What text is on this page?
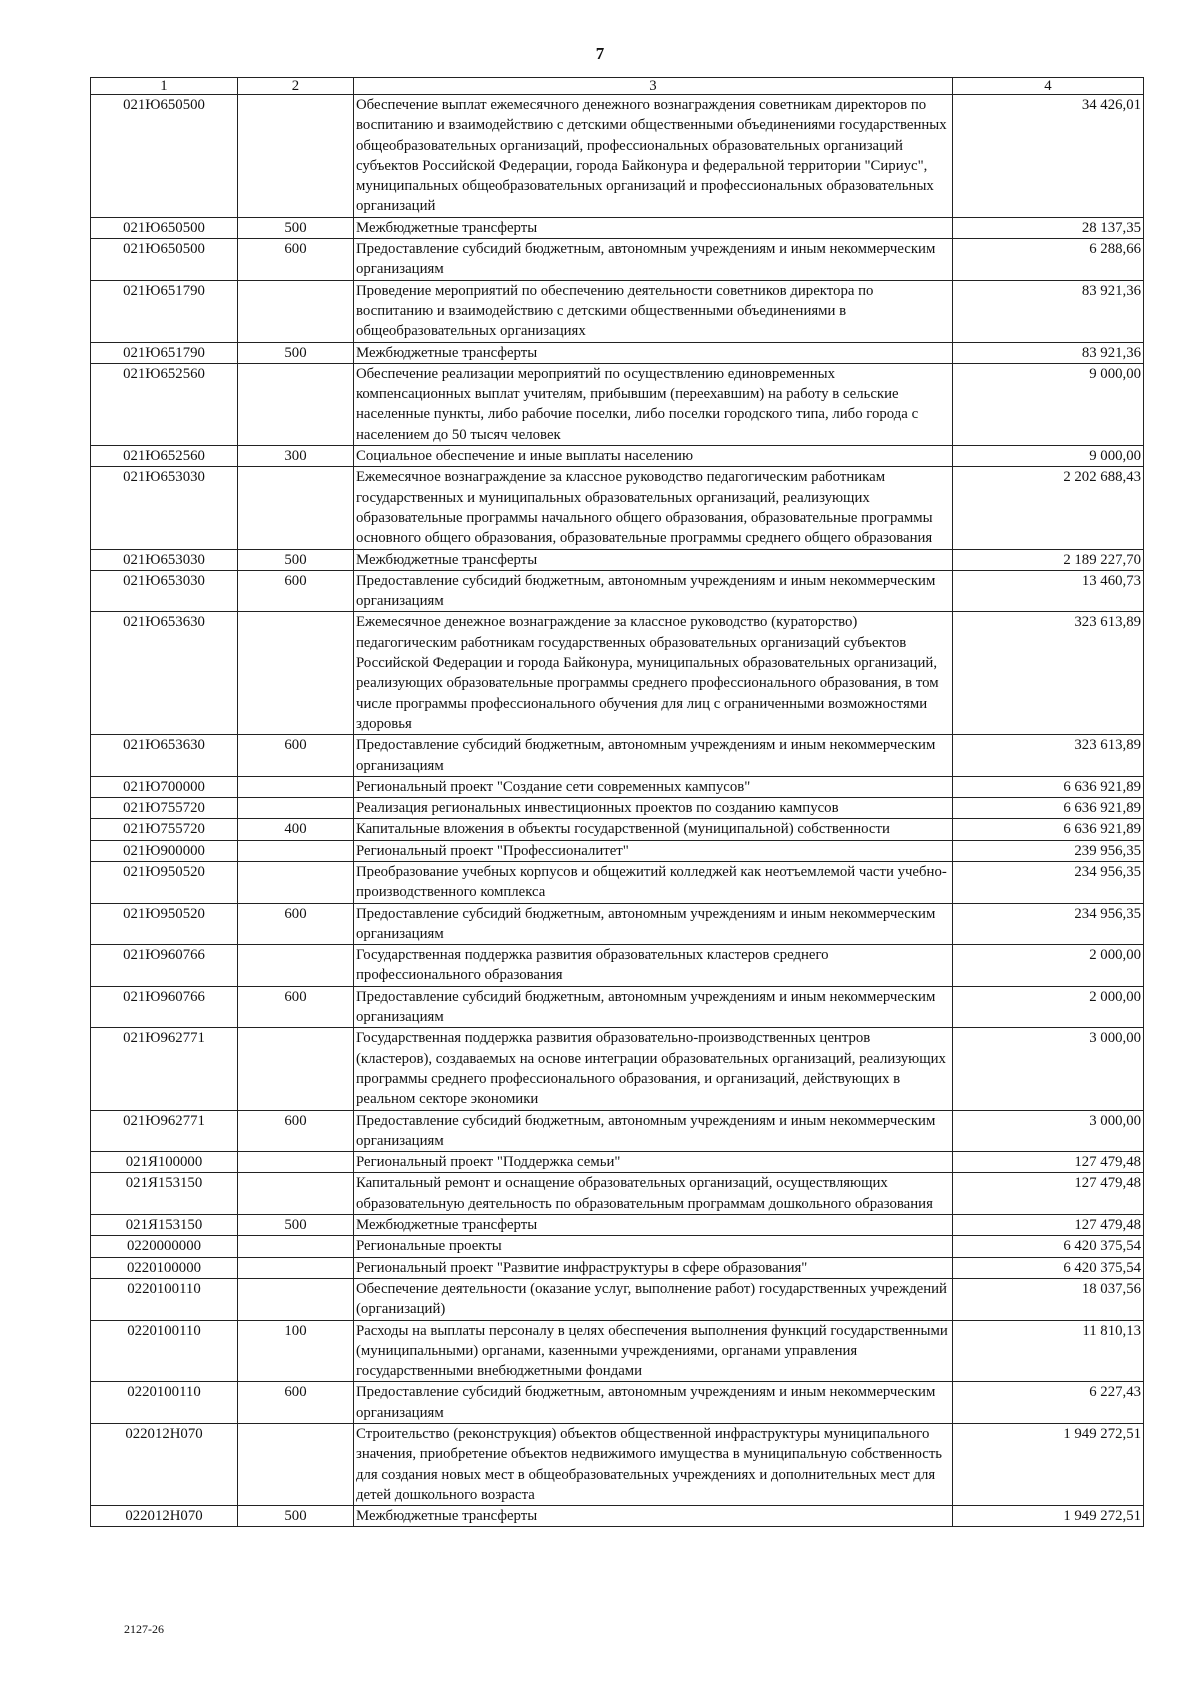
7
1	2	3	4
021Ю650500		Обеспечение выплат ежемесячного денежного вознаграждения советникам директоров по воспитанию и взаимодействию с детскими общественными объединениями государственных общеобразовательных организаций, профессиональных образовательных организаций субъектов Российской Федерации, города Байконура и федеральной территории "Сириус", муниципальных общеобразовательных организаций и профессиональных образовательных организаций	34 426,01
021Ю650500	500	Межбюджетные трансферты	28 137,35
021Ю650500	600	Предоставление субсидий бюджетным, автономным учреждениям и иным некоммерческим организациям	6 288,66
021Ю651790		Проведение мероприятий по обеспечению деятельности советников директора по воспитанию и взаимодействию с детскими общественными объединениями в общеобразовательных организациях	83 921,36
021Ю651790	500	Межбюджетные трансферты	83 921,36
021Ю652560		Обеспечение реализации мероприятий по осуществлению единовременных компенсационных выплат учителям, прибывшим (переехавшим) на работу в сельские населенные пункты, либо рабочие поселки, либо поселки городского типа, либо города с населением до 50 тысяч человек	9 000,00
021Ю652560	300	Социальное обеспечение и иные выплаты населению	9 000,00
021Ю653030		Ежемесячное вознаграждение за классное руководство педагогическим работникам государственных и муниципальных образовательных организаций, реализующих образовательные программы начального общего образования, образовательные программы основного общего образования, образовательные программы среднего общего образования	2 202 688,43
021Ю653030	500	Межбюджетные трансферты	2 189 227,70
021Ю653030	600	Предоставление субсидий бюджетным, автономным учреждениям и иным некоммерческим организациям	13 460,73
021Ю653630		Ежемесячное денежное вознаграждение за классное руководство (кураторство) педагогическим работникам государственных образовательных организаций субъектов Российской Федерации и города Байконура, муниципальных образовательных организаций, реализующих образовательные программы среднего профессионального образования, в том числе программы профессионального обучения для лиц с ограниченными возможностями здоровья	323 613,89
021Ю653630	600	Предоставление субсидий бюджетным, автономным учреждениям и иным некоммерческим организациям	323 613,89
021Ю700000		Региональный проект "Создание сети современных кампусов"	6 636 921,89
021Ю755720		Реализация региональных инвестиционных проектов по созданию кампусов	6 636 921,89
021Ю755720	400	Капитальные вложения в объекты государственной (муниципальной) собственности	6 636 921,89
021Ю900000		Региональный проект "Профессионалитет"	239 956,35
021Ю950520		Преобразование учебных корпусов и общежитий колледжей как неотъемлемой части учебно-производственного комплекса	234 956,35
021Ю950520	600	Предоставление субсидий бюджетным, автономным учреждениям и иным некоммерческим организациям	234 956,35
021Ю960766		Государственная поддержка развития образовательных кластеров среднего профессионального образования	2 000,00
021Ю960766	600	Предоставление субсидий бюджетным, автономным учреждениям и иным некоммерческим организациям	2 000,00
021Ю962771		Государственная поддержка развития образовательно-производственных центров (кластеров), создаваемых на основе интеграции образовательных организаций, реализующих программы среднего профессионального образования, и организаций, действующих в реальном секторе экономики	3 000,00
021Ю962771	600	Предоставление субсидий бюджетным, автономным учреждениям и иным некоммерческим организациям	3 000,00
021Я100000		Региональный проект "Поддержка семьи"	127 479,48
021Я153150		Капитальный ремонт и оснащение образовательных организаций, осуществляющих образовательную деятельность по образовательным программам дошкольного образования	127 479,48
021Я153150	500	Межбюджетные трансферты	127 479,48
0220000000		Региональные проекты	6 420 375,54
0220100000		Региональный проект "Развитие инфраструктуры в сфере образования"	6 420 375,54
0220100110		Обеспечение деятельности (оказание услуг, выполнение работ) государственных учреждений (организаций)	18 037,56
0220100110	100	Расходы на выплаты персоналу в целях обеспечения выполнения функций государственными (муниципальными) органами, казенными учреждениями, органами управления государственными внебюджетными фондами	11 810,13
0220100110	600	Предоставление субсидий бюджетным, автономным учреждениям и иным некоммерческим организациям	6 227,43
022012Н070		Строительство (реконструкция) объектов общественной инфраструктуры муниципального значения, приобретение объектов недвижимого имущества в муниципальную собственность для создания новых мест в общеобразовательных учреждениях и дополнительных мест для детей дошкольного возраста	1 949 272,51
022012Н070	500	Межбюджетные трансферты	1 949 272,51
2127-26
